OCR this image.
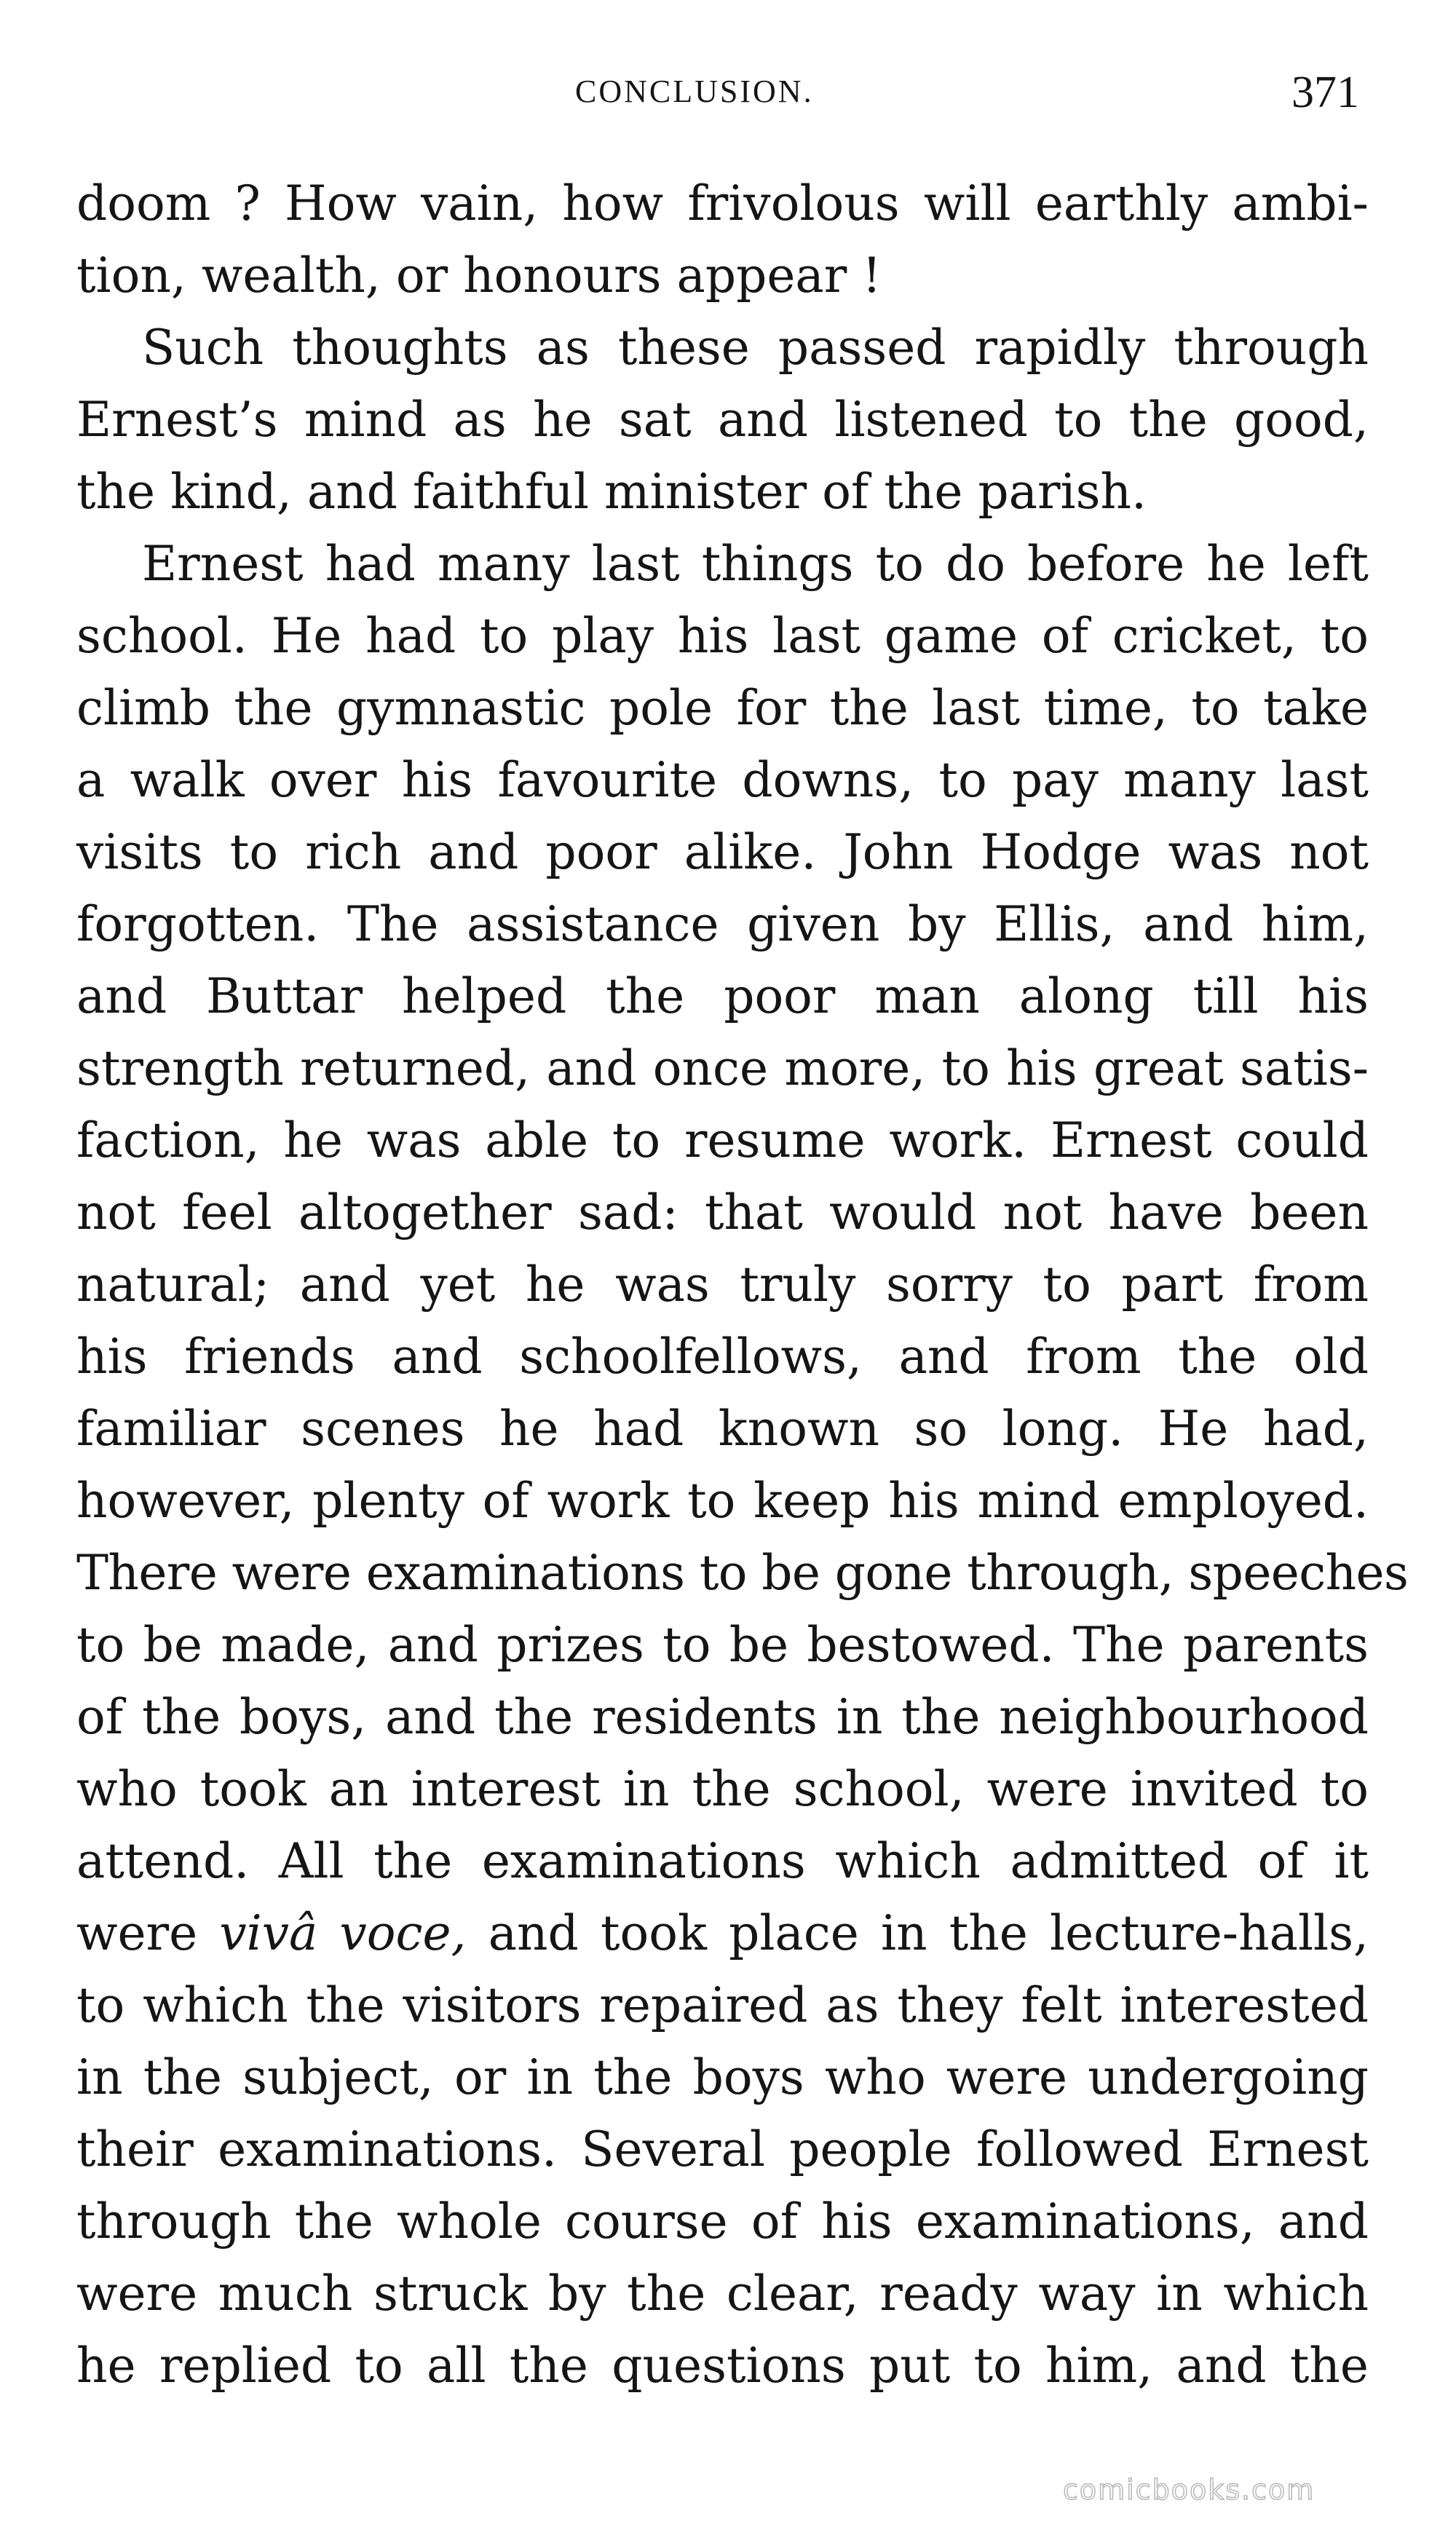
CONCLUSION.	371
doom ? How vain, how frivolous will earthly ambi-
tion, wealth, or honours appear !
Such thoughts as these passed rapidly through
Ernest’s mind as he sat and listened to the good,
the kind, and faithful minister of the parish.
Ernest had many last things to do before he left
school. He had to play his last game of cricket, to
climb the gymnastic pole for the last time, to take
a walk over his favourite downs, to pay many last
visits to rich and poor alike. John Hodge was not
forgotten. The assistance given by Ellis, and him,
and Buttar helped the poor man along till his
strength returned, and once more, to his great satis-
faction, he was able to resume work. Ernest could
not feel altogether sad: that would not have been
natural; and yet he was truly sorry to part from
his friends and schoolfellows, and from the old
familiar scenes he had known so long. He had,
however, plenty of work to keep his mind employed.
There were examinations to be gone through, speeches
to be made, and prizes to be bestowed. The parents
of the boys, and the residents in the neighbourhood
who took an interest in the school, were invited to
attend. All the examinations which admitted of it
were vivâ voce, and took place in the lecture-halls,
to which the visitors repaired as they felt interested
in the subject, or in the boys who were undergoing
their examinations. Several people followed Ernest
through the whole course of his examinations, and
were much struck by the clear, ready way in which
he replied to all the questions put to him, and the
comicbooks.com
